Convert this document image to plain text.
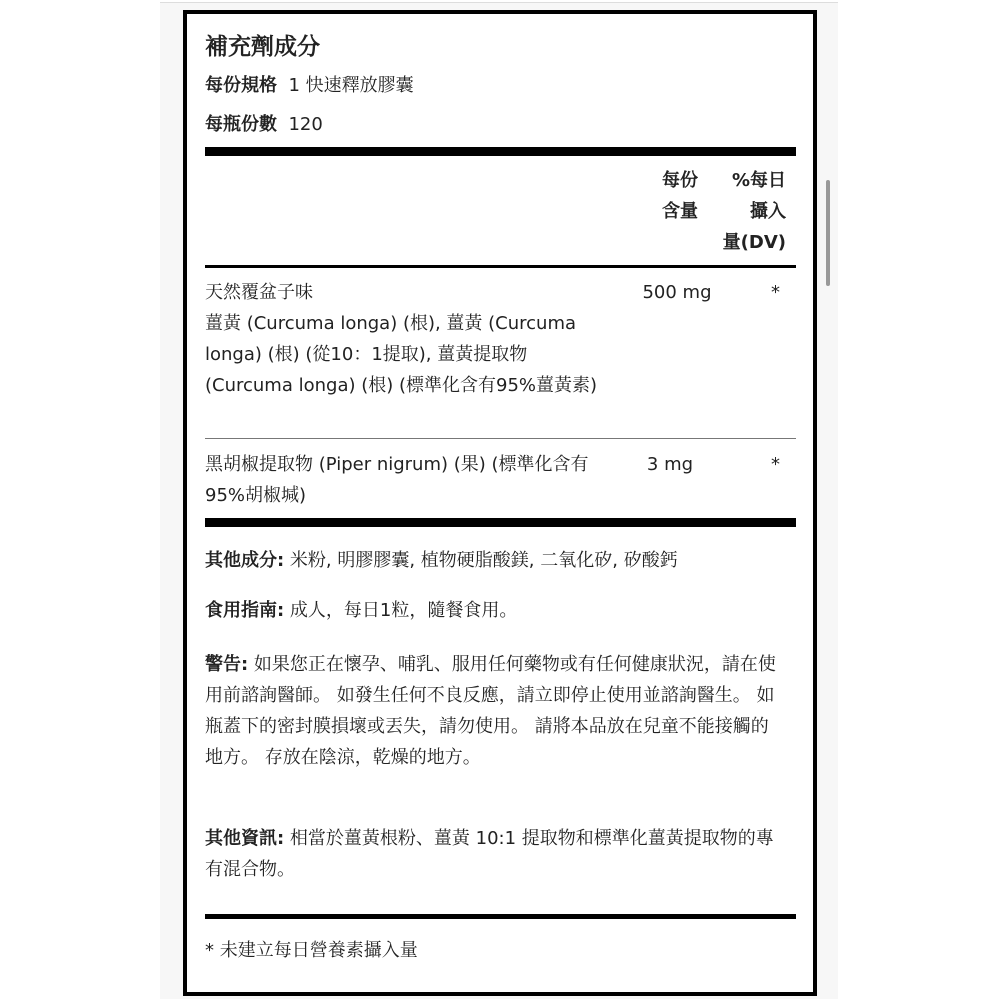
補充劑成分
每份規格 1 快速釋放膠囊
每瓶份數 120
每份
含量
%每日
攝入
量(DV)
天然覆盆子味
薑黃 (Curcuma longa) (根), 薑黃 (Curcuma longa) (根) (從10：1提取), 薑黃提取物 (Curcuma longa) (根) (標準化含有95%薑黃素)
500 mg	*
黑胡椒提取物 (Piper nigrum) (果) (標準化含有95%胡椒堿)
3 mg	*
其他成分: 米粉, 明膠膠囊, 植物硬脂酸鎂, 二氧化矽, 矽酸鈣
食用指南: 成人，每日1粒，隨餐食用。
警告: 如果您正在懷孕、哺乳、服用任何藥物或有任何健康狀況，請在使用前諮詢醫師。 如發生任何不良反應，請立即停止使用並諮詢醫生。 如瓶蓋下的密封膜損壞或丟失，請勿使用。 請將本品放在兒童不能接觸的地方。 存放在陰涼，乾燥的地方。
其他資訊: 相當於薑黃根粉、薑黃 10:1 提取物和標準化薑黃提取物的專有混合物。
* 未建立每日營養素攝入量
